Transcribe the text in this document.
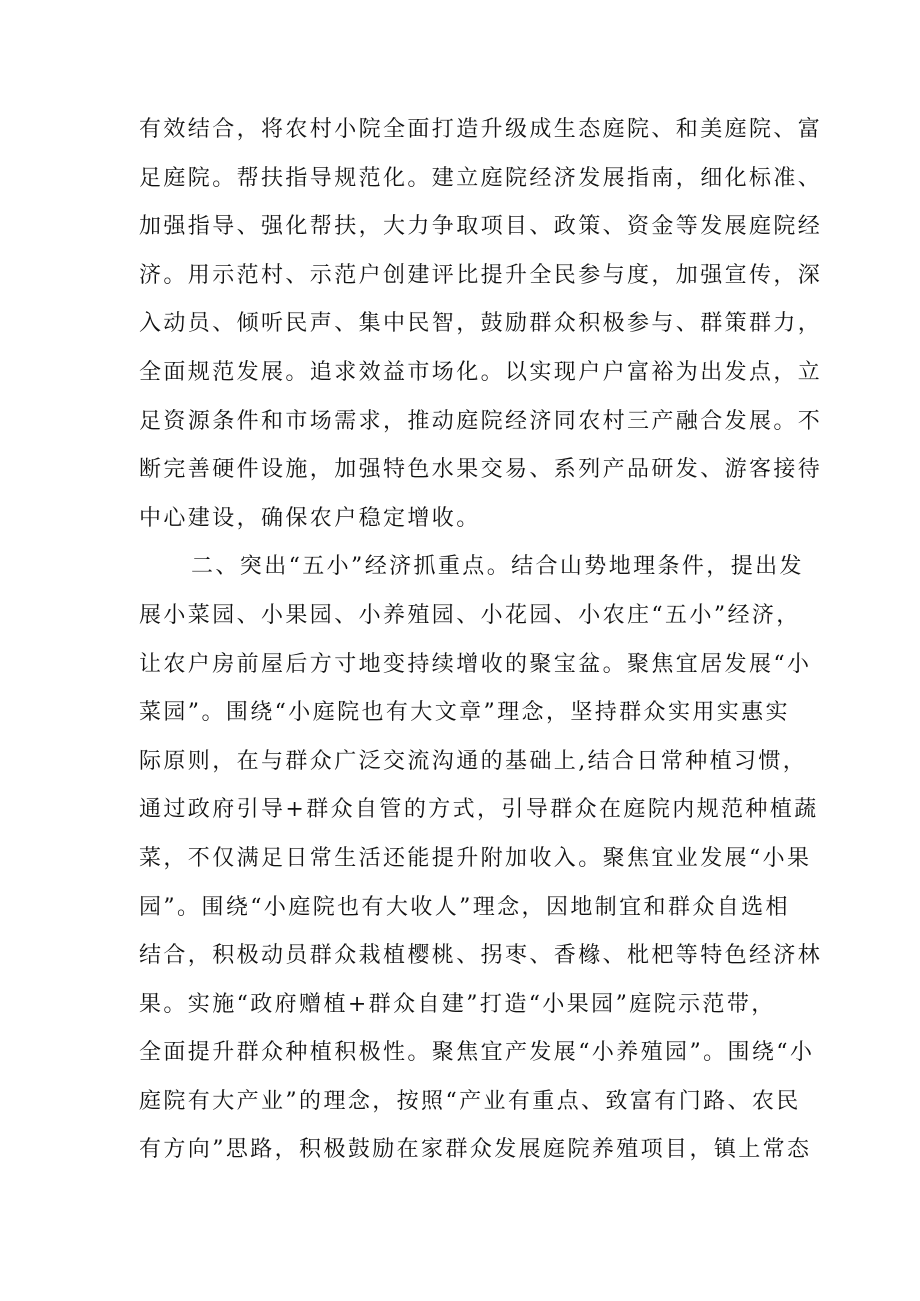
有效结合，将农村小院全面打造升级成生态庭院、和美庭院、富

足庭院。帮扶指导规范化。建立庭院经济发展指南，细化标准、

加强指导、强化帮扶，大力争取项目、政策、资金等发展庭院经

济。用示范村、示范户创建评比提升全民参与度，加强宣传，深

入动员、倾听民声、集中民智，鼓励群众积极参与、群策群力，

全面规范发展。追求效益市场化。以实现户户富裕为出发点，立

足资源条件和市场需求，推动庭院经济同农村三产融合发展。不

断完善硬件设施，加强特色水果交易、系列产品研发、游客接待

中心建设，确保农户稳定增收。

二、突出“五小”经济抓重点。结合山势地理条件，提出发

展小菜园、小果园、小养殖园、小花园、小农庄“五小”经济，

让农户房前屋后方寸地变持续增收的聚宝盆。聚焦宜居发展“小

菜园”。围绕“小庭院也有大文章”理念，坚持群众实用实惠实

际原则，在与群众广泛交流沟通的基础上,结合日常种植习惯，

通过政府引导+群众自管的方式，引导群众在庭院内规范种植蔬

菜，不仅满足日常生活还能提升附加收入。聚焦宜业发展“小果

园”。围绕“小庭院也有大收人”理念，因地制宜和群众自选相

结合，积极动员群众栽植樱桃、拐枣、香橼、枇杷等特色经济林

果。实施“政府赠植+群众自建”打造“小果园”庭院示范带，

全面提升群众种植积极性。聚焦宜产发展“小养殖园”。围绕“小

庭院有大产业”的理念，按照“产业有重点、致富有门路、农民

有方向”思路，积极鼓励在家群众发展庭院养殖项目，镇上常态
